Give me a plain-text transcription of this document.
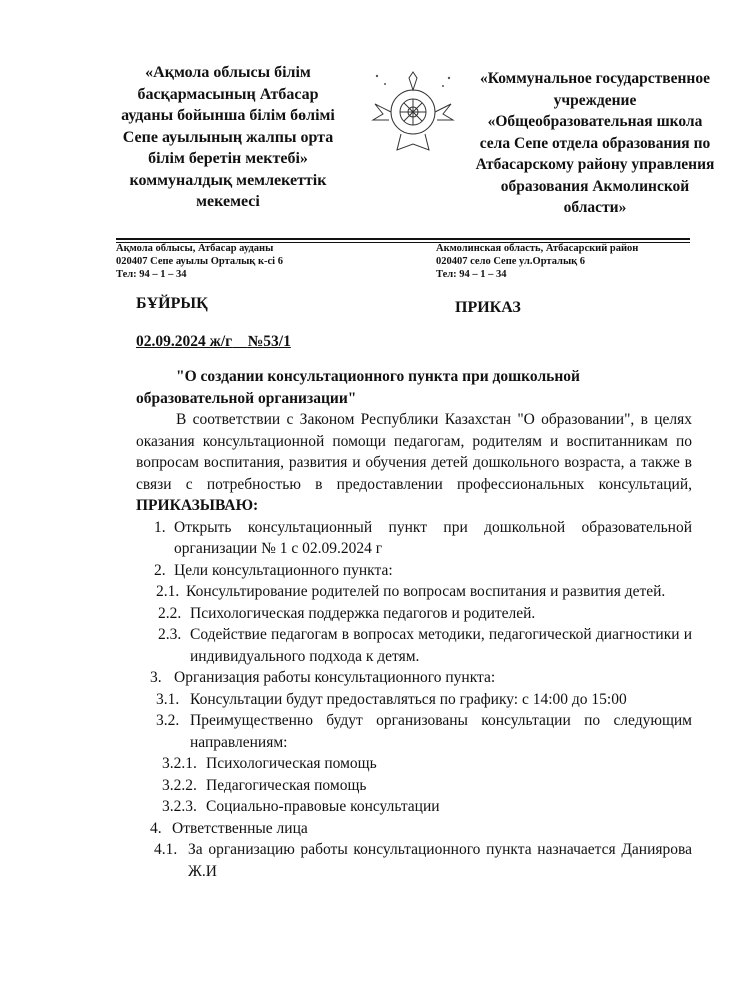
«Ақмола облысы білім
басқармасының Атбасар
ауданы бойынша білім бөлімі
Сепе ауылының жалпы орта
білім беретін мектебі»
коммуналдық мемлекеттік
мекемесі
«Коммунальное государственное
учреждение
«Общеобразовательная школа
села Сепе отдела образования по
Атбасарскому району управления
образования Акмолинской
области»
Ақмола облысы, Атбасар ауданы
020407 Сепе ауылы Орталық к-сі 6
Тел: 94 – 1 – 34
Акмолинская область, Атбасарский район
020407 село Сепе ул.Орталық 6
Тел: 94 – 1 – 34
БҰЙРЫҚ	ПРИКАЗ
02.09.2024 ж/г №53/1

"О создании консультационного пункта при дошкольной
образовательной организации"

В соответствии с Законом Республики Казахстан "О образовании", в целях оказания консультационной помощи педагогам, родителям и воспитанникам по вопросам воспитания, развития и обучения детей дошкольного возраста, а также в связи с потребностью в предоставлении профессиональных консультаций, ПРИКАЗЫВАЮ:

1. Открыть консультационный пункт при дошкольной образовательной организации № 1 с 02.09.2024 г
2. Цели консультационного пункта:
2.1. Консультирование родителей по вопросам воспитания и развития детей.
2.2. Психологическая поддержка педагогов и родителей.
2.3. Содействие педагогам в вопросах методики, педагогической диагностики и индивидуального подхода к детям.
3. Организация работы консультационного пункта:
3.1. Консультации будут предоставляться по графику: с 14:00 до 15:00
3.2. Преимущественно будут организованы консультации по следующим направлениям:
3.2.1. Психологическая помощь
3.2.2. Педагогическая помощь
3.2.3. Социально-правовые консультации
4. Ответственные лица
4.1. За организацию работы консультационного пункта назначается Даниярова Ж.И
